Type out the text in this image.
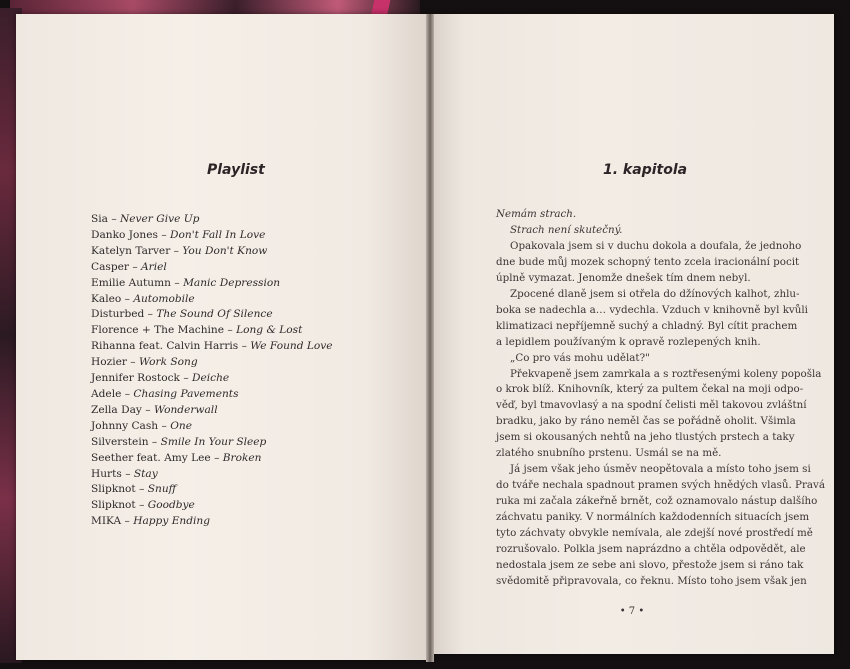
Playlist
Sia – Never Give Up
Danko Jones – Don't Fall In Love
Katelyn Tarver – You Don't Know
Casper – Ariel
Emilie Autumn – Manic Depression
Kaleo – Automobile
Disturbed – The Sound Of Silence
Florence + The Machine – Long & Lost
Rihanna feat. Calvin Harris – We Found Love
Hozier – Work Song
Jennifer Rostock – Deiche
Adele – Chasing Pavements
Zella Day – Wonderwall
Johnny Cash – One
Silverstein – Smile In Your Sleep
Seether feat. Amy Lee – Broken
Hurts – Stay
Slipknot – Snuff
Slipknot – Goodbye
MIKA – Happy Ending
1. kapitola
Nemám strach.
Strach není skutečný.
Opakovala jsem si v duchu dokola a doufala, že jednoho
dne bude můj mozek schopný tento zcela iracionální pocit
úplně vymazat. Jenomže dnešek tím dnem nebyl.
Zpocené dlaně jsem si otřela do džínových kalhot, zhlu-
boka se nadechla a… vydechla. Vzduch v knihovně byl kvůli
klimatizaci nepříjemně suchý a chladný. Byl cítit prachem
a lepidlem používaným k opravě rozlepených knih.
„Co pro vás mohu udělat?"
Překvapeně jsem zamrkala a s roztřesenými koleny popošla
o krok blíž. Knihovník, který za pultem čekal na moji odpo-
věď, byl tmavovlasý a na spodní čelisti měl takovou zvláštní
bradku, jako by ráno neměl čas se pořádně oholit. Všimla
jsem si okousaných nehtů na jeho tlustých prstech a taky
zlatého snubního prstenu. Usmál se na mě.
Já jsem však jeho úsměv neopětovala a místo toho jsem si
do tváře nechala spadnout pramen svých hnědých vlasů. Pravá
ruka mi začala zákeřně brnět, což oznamovalo nástup dalšího
záchvatu paniky. V normálních každodenních situacích jsem
tyto záchvaty obvykle nemívala, ale zdejší nové prostředí mě
rozrušovalo. Polkla jsem naprázdno a chtěla odpovědět, ale
nedostala jsem ze sebe ani slovo, přestože jsem si ráno tak
svědomitě připravovala, co řeknu. Místo toho jsem však jen
• 7 •
